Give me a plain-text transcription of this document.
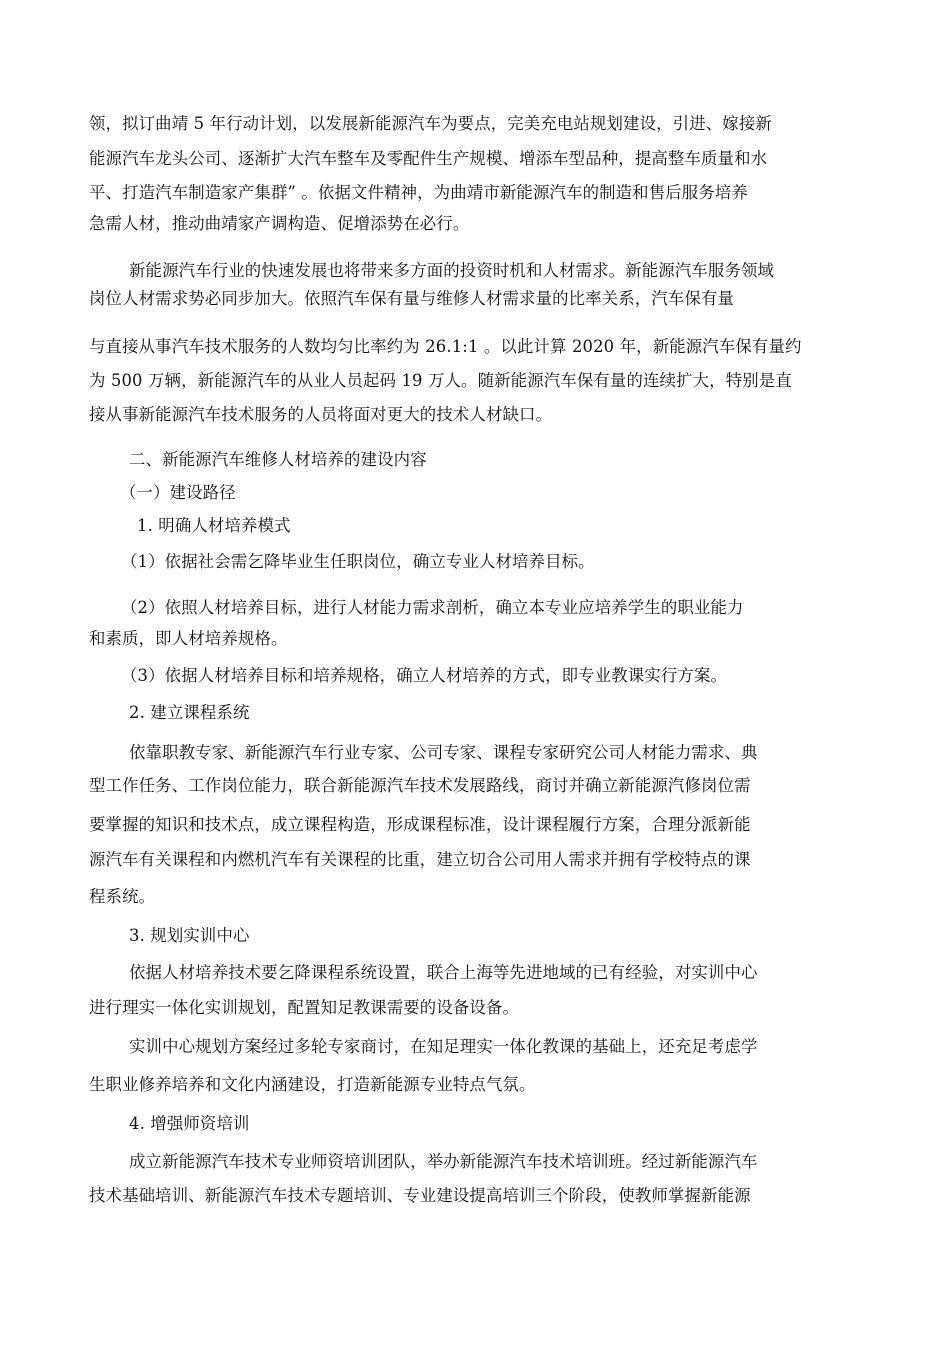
领，拟订曲靖 5 年行动计划，以发展新能源汽车为要点，完美充电站规划建设，引进、嫁接新
能源汽车龙头公司、逐渐扩大汽车整车及零配件生产规模、增添车型品种，提高整车质量和水
平、打造汽车制造家产集群” 。依据文件精神，为曲靖市新能源汽车的制造和售后服务培养
急需人材，推动曲靖家产调构造、促增添势在必行。
新能源汽车行业的快速发展也将带来多方面的投资时机和人材需求。新能源汽车服务领域
岗位人材需求势必同步加大。依照汽车保有量与维修人材需求量的比率关系，汽车保有量
与直接从事汽车技术服务的人数均匀比率约为 26.1:1 。以此计算 2020 年，新能源汽车保有量约
为 500 万辆，新能源汽车的从业人员起码 19 万人。随新能源汽车保有量的连续扩大，特别是直
接从事新能源汽车技术服务的人员将面对更大的技术人材缺口。
二、新能源汽车维修人材培养的建设内容
（一）建设路径
1. 明确人材培养模式
（1）依据社会需乞降毕业生任职岗位，确立专业人材培养目标。
（2）依照人材培养目标，进行人材能力需求剖析，确立本专业应培养学生的职业能力
和素质，即人材培养规格。
（3）依据人材培养目标和培养规格，确立人材培养的方式，即专业教课实行方案。
2. 建立课程系统
依靠职教专家、新能源汽车行业专家、公司专家、课程专家研究公司人材能力需求、典
型工作任务、工作岗位能力，联合新能源汽车技术发展路线，商讨并确立新能源汽修岗位需
要掌握的知识和技术点，成立课程构造，形成课程标准，设计课程履行方案，合理分派新能
源汽车有关课程和内燃机汽车有关课程的比重，建立切合公司用人需求并拥有学校特点的课
程系统。
3. 规划实训中心
依据人材培养技术要乞降课程系统设置，联合上海等先进地域的已有经验，对实训中心
进行理实一体化实训规划，配置知足教课需要的设备设备。
实训中心规划方案经过多轮专家商讨，在知足理实一体化教课的基础上，还充足考虑学
生职业修养培养和文化内涵建设，打造新能源专业特点气氛。
4. 增强师资培训
成立新能源汽车技术专业师资培训团队，举办新能源汽车技术培训班。经过新能源汽车
技术基础培训、新能源汽车技术专题培训、专业建设提高培训三个阶段，使教师掌握新能源
